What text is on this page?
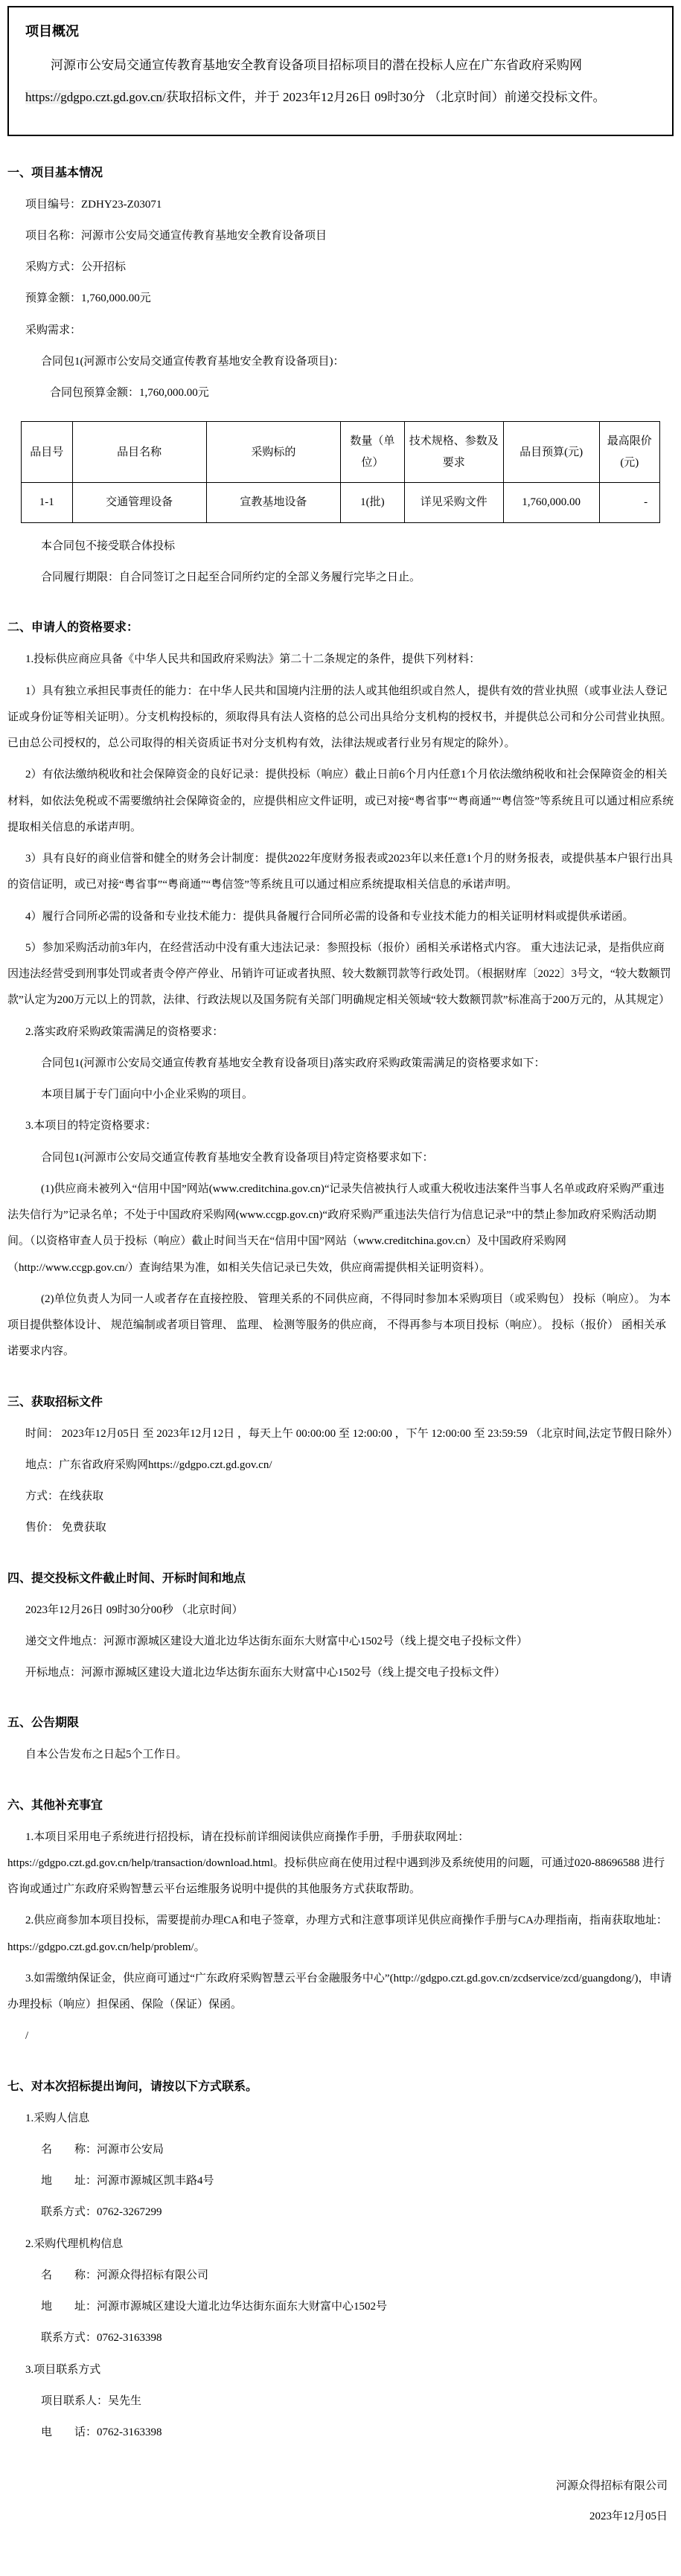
项目概况

河源市公安局交通宣传教育基地安全教育设备项目招标项目的潜在投标人应在广东省政府采购网https://gdgpo.czt.gd.gov.cn/获取招标文件，并于 2023年12月26日 09时30分 （北京时间）前递交投标文件。

一、项目基本情况

项目编号：ZDHY23-Z03071

项目名称：河源市公安局交通宣传教育基地安全教育设备项目

采购方式：公开招标

预算金额：1,760,000.00元

采购需求：

合同包1(河源市公安局交通宣传教育基地安全教育设备项目)：

合同包预算金额：1,760,000.00元

品目号	品目名称	采购标的	数量（单位）	技术规格、参数及要求	品目预算(元)	最高限价(元)
1-1	交通管理设备	宣教基地设备	1(批)	详见采购文件	1,760,000.00	-

本合同包不接受联合体投标

合同履行期限：自合同签订之日起至合同所约定的全部义务履行完毕之日止。

二、申请人的资格要求：

1.投标供应商应具备《中华人民共和国政府采购法》第二十二条规定的条件，提供下列材料：

1）具有独立承担民事责任的能力：在中华人民共和国境内注册的法人或其他组织或自然人，提供有效的营业执照（或事业法人登记证或身份证等相关证明）。分支机构投标的，须取得具有法人资格的总公司出具给分支机构的授权书，并提供总公司和分公司营业执照。已由总公司授权的，总公司取得的相关资质证书对分支机构有效，法律法规或者行业另有规定的除外）。

2）有依法缴纳税收和社会保障资金的良好记录：提供投标（响应）截止日前6个月内任意1个月依法缴纳税收和社会保障资金的相关材料，如依法免税或不需要缴纳社会保障资金的，应提供相应文件证明，或已对接“粤省事”“粤商通”“粤信签”等系统且可以通过相应系统提取相关信息的承诺声明。

3）具有良好的商业信誉和健全的财务会计制度：提供2022年度财务报表或2023年以来任意1个月的财务报表，或提供基本户银行出具的资信证明，或已对接“粤省事”“粤商通”“粤信签”等系统且可以通过相应系统提取相关信息的承诺声明。

4）履行合同所必需的设备和专业技术能力：提供具备履行合同所必需的设备和专业技术能力的相关证明材料或提供承诺函。

5）参加采购活动前3年内，在经营活动中没有重大违法记录：参照投标（报价）函相关承诺格式内容。 重大违法记录，是指供应商因违法经营受到刑事处罚或者责令停产停业、吊销许可证或者执照、较大数额罚款等行政处罚。（根据财库〔2022〕3号文，“较大数额罚款”认定为200万元以上的罚款，法律、行政法规以及国务院有关部门明确规定相关领域“较大数额罚款”标准高于200万元的，从其规定）

2.落实政府采购政策需满足的资格要求：

合同包1(河源市公安局交通宣传教育基地安全教育设备项目)落实政府采购政策需满足的资格要求如下：

本项目属于专门面向中小企业采购的项目。

3.本项目的特定资格要求：

合同包1(河源市公安局交通宣传教育基地安全教育设备项目)特定资格要求如下：

(1)供应商未被列入“信用中国”网站(www.creditchina.gov.cn)“记录失信被执行人或重大税收违法案件当事人名单或政府采购严重违法失信行为”记录名单；不处于中国政府采购网(www.ccgp.gov.cn)“政府采购严重违法失信行为信息记录”中的禁止参加政府采购活动期间。（以资格审查人员于投标（响应）截止时间当天在“信用中国”网站（www.creditchina.gov.cn）及中国政府采购网（http://www.ccgp.gov.cn/）查询结果为准，如相关失信记录已失效，供应商需提供相关证明资料）。

(2)单位负责人为同一人或者存在直接控股、 管理关系的不同供应商，不得同时参加本采购项目（或采购包） 投标（响应）。 为本项目提供整体设计、 规范编制或者项目管理、 监理、 检测等服务的供应商， 不得再参与本项目投标（响应）。 投标（报价） 函相关承诺要求内容。

三、获取招标文件

时间： 2023年12月05日 至 2023年12月12日 ，每天上午 00:00:00 至 12:00:00 ，下午 12:00:00 至 23:59:59 （北京时间,法定节假日除外）

地点：广东省政府采购网https://gdgpo.czt.gd.gov.cn/

方式：在线获取

售价： 免费获取

四、提交投标文件截止时间、开标时间和地点

2023年12月26日 09时30分00秒 （北京时间）

递交文件地点：河源市源城区建设大道北边华达街东面东大财富中心1502号（线上提交电子投标文件）

开标地点：河源市源城区建设大道北边华达街东面东大财富中心1502号（线上提交电子投标文件）

五、公告期限

自本公告发布之日起5个工作日。

六、其他补充事宜

1.本项目采用电子系统进行招投标，请在投标前详细阅读供应商操作手册，手册获取网址：https://gdgpo.czt.gd.gov.cn/help/transaction/download.html。投标供应商在使用过程中遇到涉及系统使用的问题，可通过020-88696588 进行咨询或通过广东政府采购智慧云平台运维服务说明中提供的其他服务方式获取帮助。

2.供应商参加本项目投标，需要提前办理CA和电子签章，办理方式和注意事项详见供应商操作手册与CA办理指南，指南获取地址：https://gdgpo.czt.gd.gov.cn/help/problem/。

3.如需缴纳保证金，供应商可通过“广东政府采购智慧云平台金融服务中心”(http://gdgpo.czt.gd.gov.cn/zcdservice/zcd/guangdong/)，申请办理投标（响应）担保函、保险（保证）保函。

/

七、对本次招标提出询问，请按以下方式联系。

1.采购人信息

名　　称：河源市公安局

地　　址：河源市源城区凯丰路4号

联系方式：0762-3267299

2.采购代理机构信息

名　　称：河源众得招标有限公司

地　　址：河源市源城区建设大道北边华达街东面东大财富中心1502号

联系方式：0762-3163398

3.项目联系方式

项目联系人：吴先生

电　　话：0762-3163398

河源众得招标有限公司
2023年12月05日
